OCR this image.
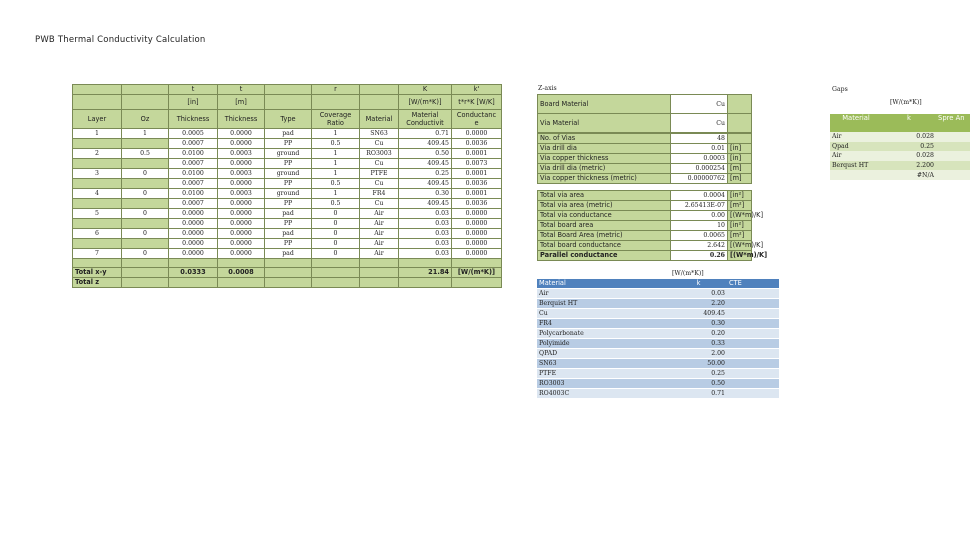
PWB Thermal Conductivity Calculation
		t	t		r		K	k'
		[in]	[m]				[W/(m*K)]	t*r*K [W/K]
Layer	Oz	Thickness	Thickness	Type	Coverage Ratio	Material	Material Conductivit	Conductanc e
1	1	0.0005	0.0000	pad	1	SN63	0.71	0.0000
		0.0007	0.0000	PP	0.5	Cu	409.45	0.0036
2	0.5	0.0100	0.0003	ground	1	RO3003	0.50	0.0001
		0.0007	0.0000	PP	1	Cu	409.45	0.0073
3	0	0.0100	0.0003	ground	1	PTFE	0.25	0.0001
		0.0007	0.0000	PP	0.5	Cu	409.45	0.0036
4	0	0.0100	0.0003	ground	1	FR4	0.30	0.0001
		0.0007	0.0000	PP	0.5	Cu	409.45	0.0036
5	0	0.0000	0.0000	pad	0	Air	0.03	0.0000
		0.0000	0.0000	PP	0	Air	0.03	0.0000
6	0	0.0000	0.0000	pad	0	Air	0.03	0.0000
		0.0000	0.0000	PP	0	Air	0.03	0.0000
7	0	0.0000	0.0000	pad	0	Air	0.03	0.0000

Total x-y		0.0333	0.0008				21.84	[W/(m*K)]
Total z								
Z-axis
Board Material	Cu	
Via Material	Cu	
No. of Vias	48	
Via drill dia	0.01	[in]
Via copper thickness	0.0003	[in]
Via drill dia (metric)	0.000254	[m]
Via copper thickness (metric)	0.00000762	[m]
Total via area	0.0004	[in²]
Total via area (metric)	2.65413E-07	[m²]
Total via conductance	0.00	[(W*m)/K]
Total board area	10	[in²]
Total Board Area (metric)	0.0065	[m²]
Total board conductance	2.642	[(W*m)/K]
Parallel conductance	0.26	[(W*m)/K]
[W/(m*K)]
Material	k	CTE
Air	0.03	
Berquist HT	2.20	
Cu	409.45	
FR4	0.30	
Polycarbonate	0.20	
Polyimide	0.33	
QPAD	2.00	
SN63	50.00	
PTFE	0.25	
RO3003	0.50	
RO4003C	0.71	
Gaps
[W/(m*K)]
Material	k	Spre An
Air	0.028	
Qpad	0.25	
Air	0.028	
Berqust HT	2.200	
	#N/A	
